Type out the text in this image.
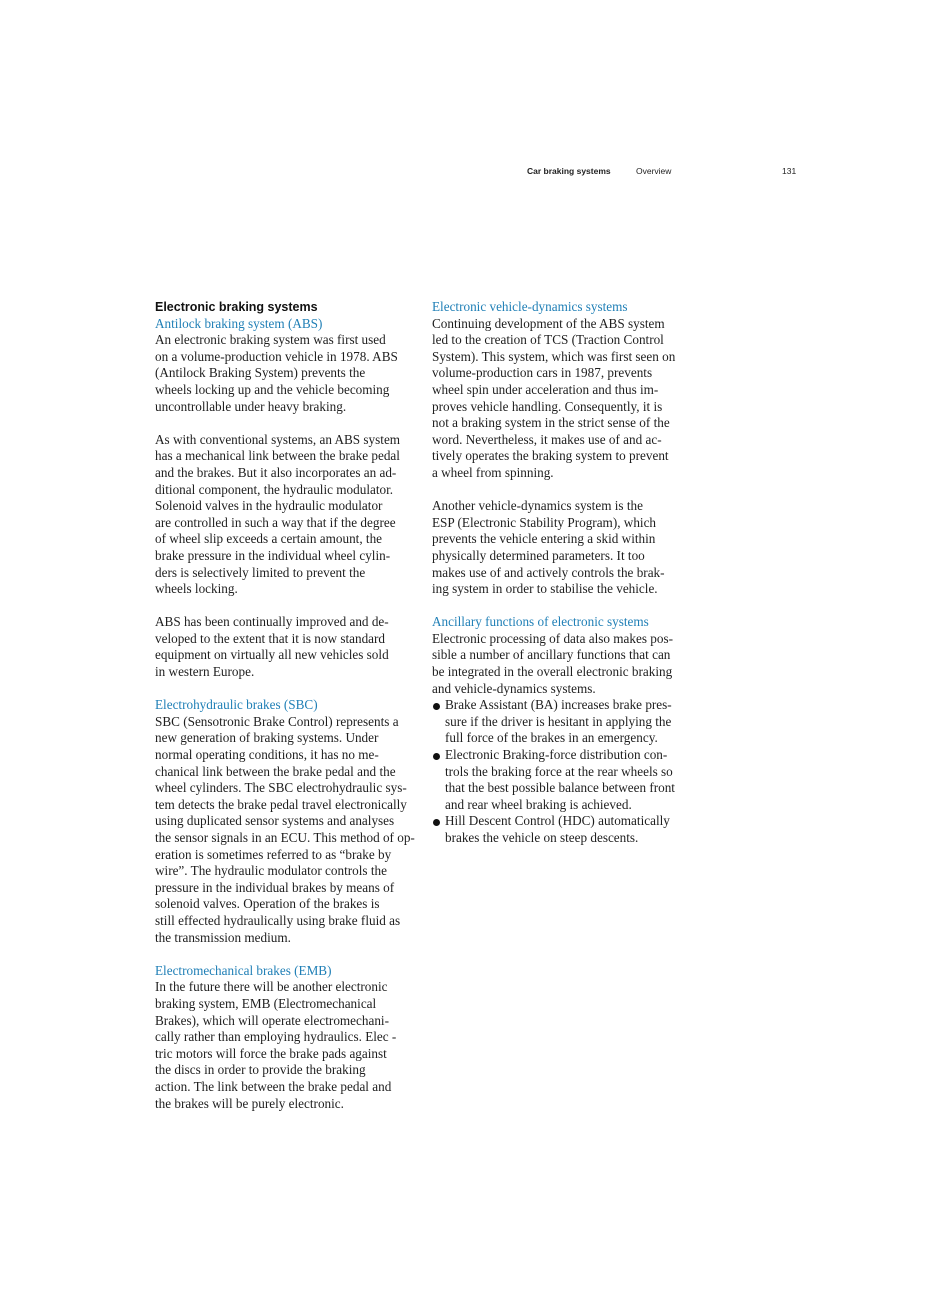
Car braking systems	Overview	131
Electronic braking systems
Antilock braking system (ABS)
An electronic braking system was first used
on a volume-production vehicle in 1978. ABS
(Antilock Braking System) prevents the
wheels locking up and the vehicle becoming
uncontrollable under heavy braking.
As with conventional systems, an ABS system
has a mechanical link between the brake pedal
and the brakes. But it also incorporates an ad-
ditional component, the hydraulic modulator.
Solenoid valves in the hydraulic modulator
are controlled in such a way that if the degree
of wheel slip exceeds a certain amount, the
brake pressure in the individual wheel cylin-
ders is selectively limited to prevent the
wheels locking.
ABS has been continually improved and de-
veloped to the extent that it is now standard
equipment on virtually all new vehicles sold
in western Europe.
Electrohydraulic brakes (SBC)
SBC (Sensotronic Brake Control) represents a
new generation of braking systems. Under
normal operating conditions, it has no me-
chanical link between the brake pedal and the
wheel cylinders. The SBC electrohydraulic sys-
tem detects the brake pedal travel electronically
using duplicated sensor systems and analyses
the sensor signals in an ECU. This method of op-
eration is sometimes referred to as “brake by
wire”. The hydraulic modulator controls the
pressure in the individual brakes by means of
solenoid valves. Operation of the brakes is
still effected hydraulically using brake fluid as
the transmission medium.
Electromechanical brakes (EMB)
In the future there will be another electronic
braking system, EMB (Electromechanical
Brakes), which will operate electromechani-
cally rather than employing hydraulics. Elec -
tric motors will force the brake pads against
the discs in order to provide the braking
action. The link between the brake pedal and
the brakes will be purely electronic.
Electronic vehicle-dynamics systems
Continuing development of the ABS system
led to the creation of TCS (Traction Control
System). This system, which was first seen on
volume-production cars in 1987, prevents
wheel spin under acceleration and thus im-
proves vehicle handling. Consequently, it is
not a braking system in the strict sense of the
word. Nevertheless, it makes use of and ac-
tively operates the braking system to prevent
a wheel from spinning.
Another vehicle-dynamics system is the
ESP (Electronic Stability Program), which
prevents the vehicle entering a skid within
physically determined parameters. It too
makes use of and actively controls the brak-
ing system in order to stabilise the vehicle.
Ancillary functions of electronic systems
Electronic processing of data also makes pos-
sible a number of ancillary functions that can
be integrated in the overall electronic braking
and vehicle-dynamics systems.
Brake Assistant (BA) increases brake pres-
sure if the driver is hesitant in applying the
full force of the brakes in an emergency.
Electronic Braking-force distribution con-
trols the braking force at the rear wheels so
that the best possible balance between front
and rear wheel braking is achieved.
Hill Descent Control (HDC) automatically
brakes the vehicle on steep descents.
